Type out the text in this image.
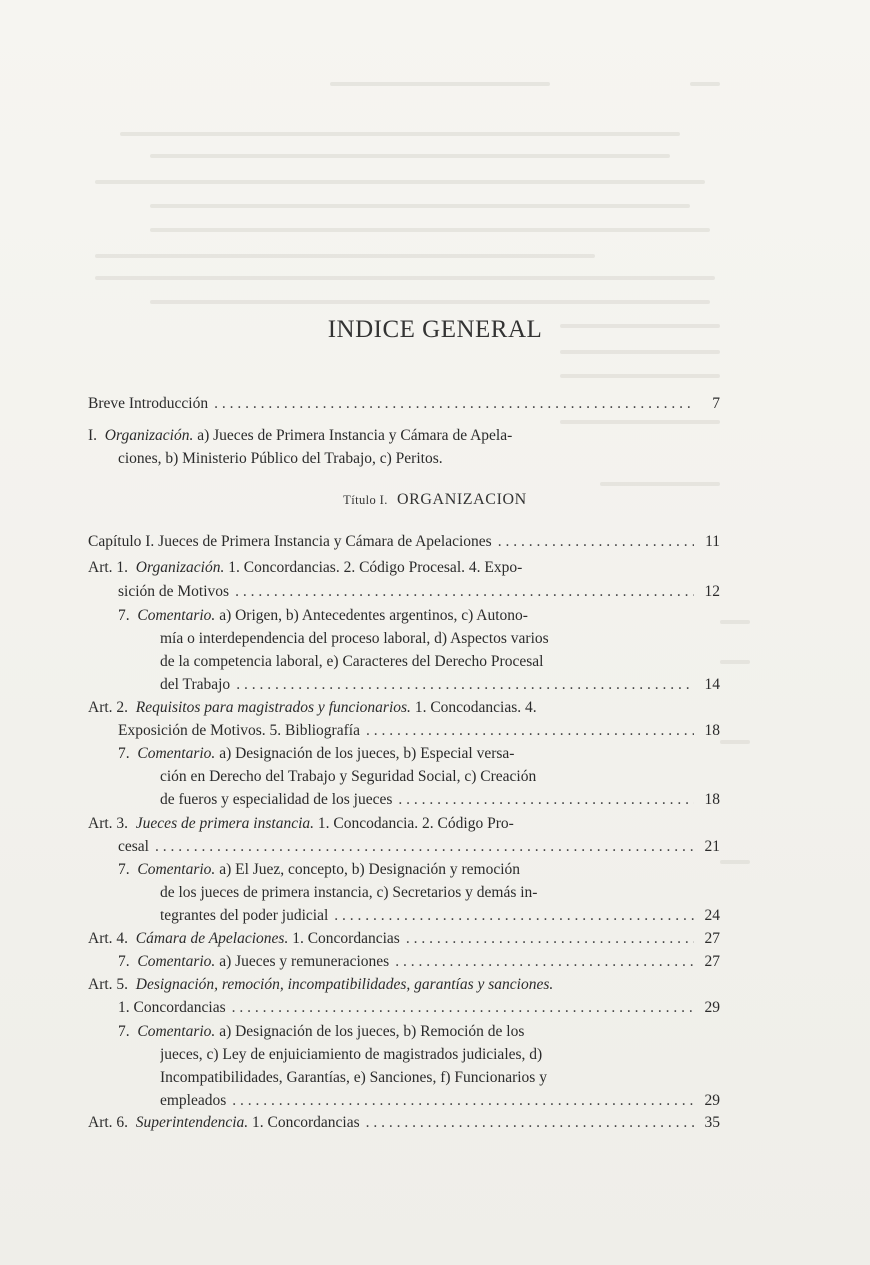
INDICE GENERAL
Breve Introducción . . .	7
I. Organización. a) Jueces de Primera Instancia y Cámara de Apela-
ciones, b) Ministerio Público del Trabajo, c) Peritos.
Título I. ORGANIZACION
Capítulo I. Jueces de Primera Instancia y Cámara de Apelaciones . . .	11
Art. 1. Organización. 1. Concordancias. 2. Código Procesal. 4. Expo-
sición de Motivos . . .	12
7. Comentario. a) Origen, b) Antecedentes argentinos, c) Autono-
mía o interdependencia del proceso laboral, d) Aspectos varios
de la competencia laboral, e) Caracteres del Derecho Procesal
del Trabajo . . .	14
Art. 2. Requisitos para magistrados y funcionarios. 1. Concodancias. 4.
Exposición de Motivos. 5. Bibliografía . . .	18
7. Comentario. a) Designación de los jueces, b) Especial versa-
ción en Derecho del Trabajo y Seguridad Social, c) Creación
de fueros y especialidad de los jueces . . .	18
Art. 3. Jueces de primera instancia. 1. Concodancia. 2. Código Pro-
cesal . . .	21
7. Comentario. a) El Juez, concepto, b) Designación y remoción
de los jueces de primera instancia, c) Secretarios y demás in-
tegrantes del poder judicial . . .	24
Art. 4. Cámara de Apelaciones. 1. Concordancias . . .	27
7. Comentario. a) Jueces y remuneraciones . . .	27
Art. 5. Designación, remoción, incompatibilidades, garantías y sanciones.
1. Concordancias . . .	29
7. Comentario. a) Designación de los jueces, b) Remoción de los
jueces, c) Ley de enjuiciamiento de magistrados judiciales, d)
Incompatibilidades, Garantías, e) Sanciones, f) Funcionarios y
empleados . . .	29
Art. 6. Superintendencia. 1. Concordancias . . .	35
